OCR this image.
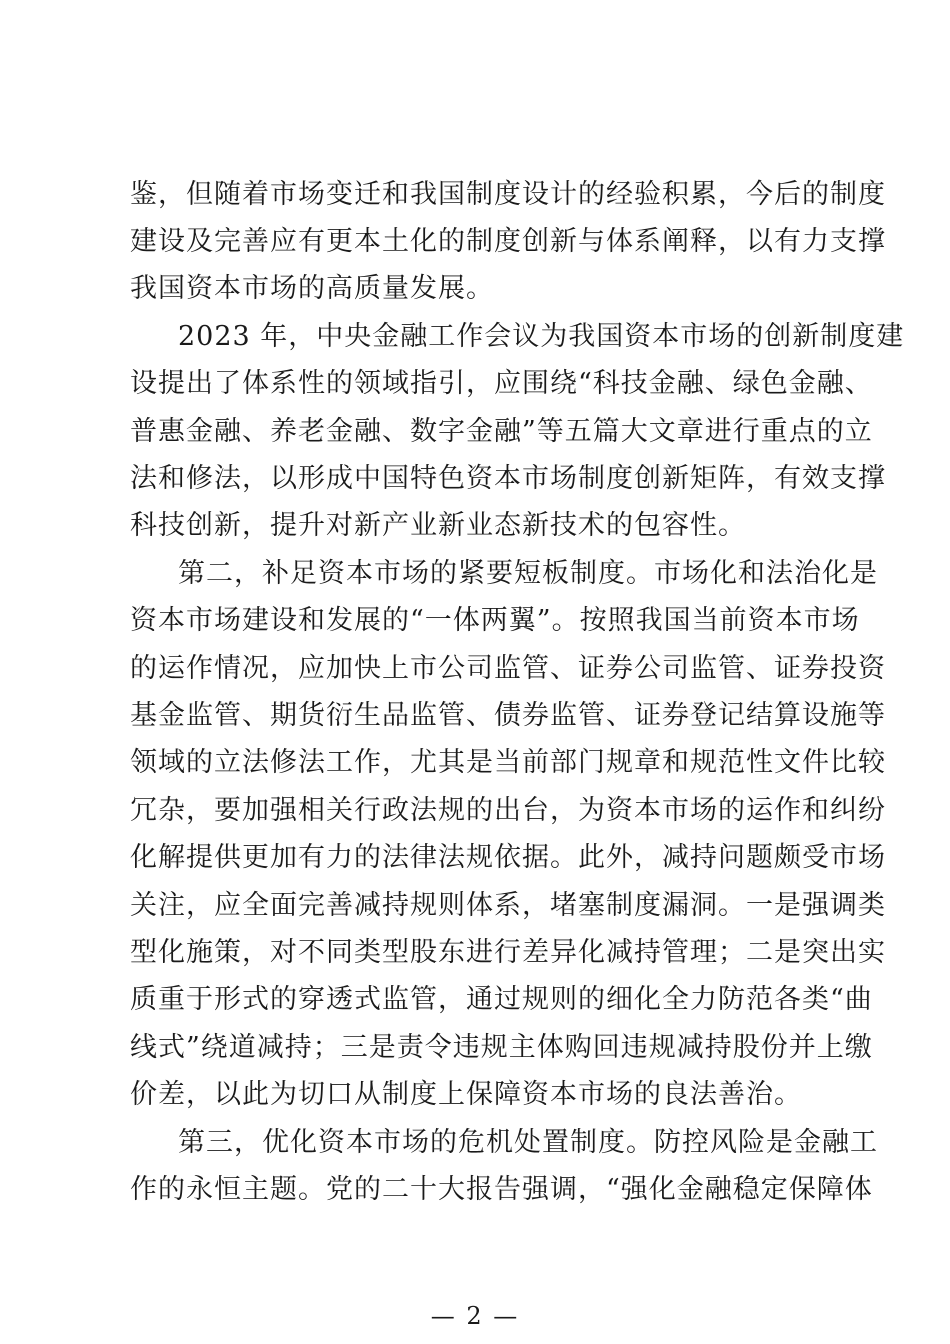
鉴，但随着市场变迁和我国制度设计的经验积累，今后的制度
建设及完善应有更本土化的制度创新与体系阐释，以有力支撑
我国资本市场的高质量发展。
2023 年，中央金融工作会议为我国资本市场的创新制度建
设提出了体系性的领域指引，应围绕“科技金融、绿色金融、
普惠金融、养老金融、数字金融”等五篇大文章进行重点的立
法和修法，以形成中国特色资本市场制度创新矩阵，有效支撑
科技创新，提升对新产业新业态新技术的包容性。
第二，补足资本市场的紧要短板制度。市场化和法治化是
资本市场建设和发展的“一体两翼”。按照我国当前资本市场
的运作情况，应加快上市公司监管、证券公司监管、证券投资
基金监管、期货衍生品监管、债券监管、证券登记结算设施等
领域的立法修法工作，尤其是当前部门规章和规范性文件比较
冗杂，要加强相关行政法规的出台，为资本市场的运作和纠纷
化解提供更加有力的法律法规依据。此外，减持问题颇受市场
关注，应全面完善减持规则体系，堵塞制度漏洞。一是强调类
型化施策，对不同类型股东进行差异化减持管理；二是突出实
质重于形式的穿透式监管，通过规则的细化全力防范各类“曲
线式”绕道减持；三是责令违规主体购回违规减持股份并上缴
价差，以此为切口从制度上保障资本市场的良法善治。
第三，优化资本市场的危机处置制度。防控风险是金融工
作的永恒主题。党的二十大报告强调，“强化金融稳定保障体
— 2 —
